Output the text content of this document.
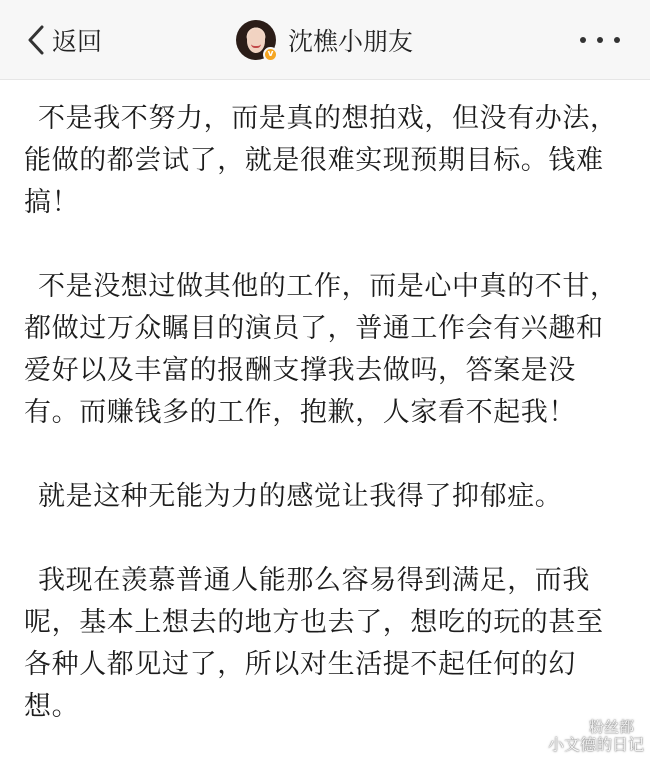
返回	v 沈樵小朋友

不是我不努力，而是真的想拍戏，但没有办法，能做的都尝试了，就是很难实现预期目标。钱难搞！

不是没想过做其他的工作，而是心中真的不甘，都做过万众瞩目的演员了，普通工作会有兴趣和爱好以及丰富的报酬支撑我去做吗，答案是没有。而赚钱多的工作，抱歉，人家看不起我！

就是这种无能为力的感觉让我得了抑郁症。

我现在羡慕普通人能那么容易得到满足，而我呢，基本上想去的地方也去了，想吃的玩的甚至各种人都见过了，所以对生活提不起任何的幻想。

粉丝都
小文德的日记
